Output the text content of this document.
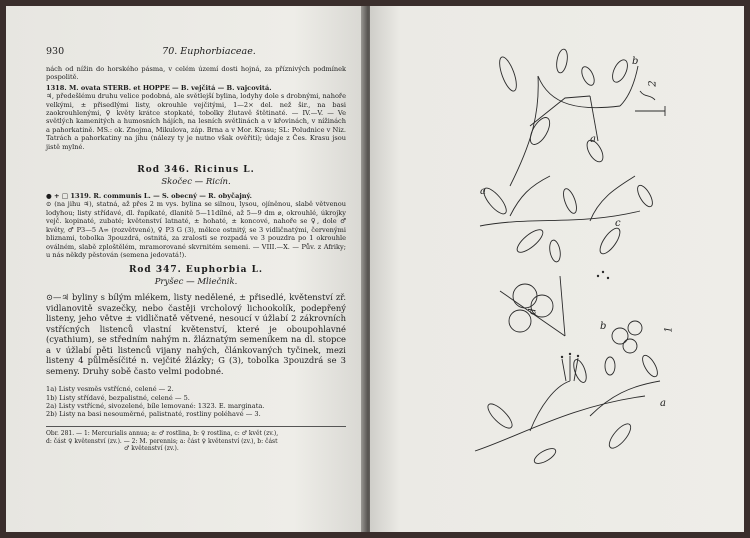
930	70. Euphorbiaceae.

nách od nížin do horského pásma, v celém území dosti hojná, za příznivých podmínek pospolitě.

1318. M. ovata STERB. et HOPPE — B. vejčitá — B. vajcovitá.

♃, předešlému druhu velice podobná, ale světlejší bylina, lodyhy dole s drobnými, nahoře velkými, ± přisedlými listy, okrouhle vejčitými, 1—2× del. než šir., na basi zaokrouhlenými, ♀ květy krátce stopkaté, tobolky žlutavě štětinaté. — IV.—V. — Ve světlých kamenitých a humosních hájích, na lesních světlinách a v křovinách, v nížinách a pahorkatině. MS.: ok. Znojma, Mikulova, záp. Brna a v Mor. Krasu; SL: Poludnice v Niz. Tatrách a pahorkatiny na jihu (nálezy ty je nutno však ověřiti); údaje z Čes. Krasu jsou jistě mylné.

Rod 346. Ricinus L.
Skočec — Ricín.

● + □ 1319. R. communis L. — S. obecný — R. obyčajný.

⊙ (na jihu ♃), statná, až přes 2 m vys. bylina se silnou, lysou, ojíněnou, slabě větvenou lodyhou; listy střídavé, dl. řapíkaté, dlanitě 5—11dílné, až 5—9 dm ⌀, okrouhlé, úkrojky vejč. kopinaté, zubaté; květenství latnaté, ± hohaté, ± koncové, nahoře se ♀, dole ♂ květy, ♂ P3—5 A∞ (rozvětvené), ♀ P3 G (3), měkce ostnitý, se 3 vidličnatými, červenými bliznami, tobolka 3pouzdrá, ostnitá, za zralosti se rozpadá ve 3 pouzdra po 1 okrouhle oválném, slabě zploštělém, mramorované skvrnitém semeni. — VIII.—X. — Pův. z Afriky; u nás někdy pěstován (semena jedovatá!).

Rod 347. Euphorbia L.
Pryšec — Mliečnik.

⊙—♃ byliny s bílým mlékem, listy nedělené, ± přisedlé, květenství zř. vidlanovitě svazečky, nebo častěji vrcholový lichookolík, podepřený listeny, jeho větve ± vidličnatě větvené, nesoucí v úžlabí 2 zákrovních vstřícných listenců vlastní květenství, které je oboupohlavné (cyathium), se středním nahým n. žláznatým semeníkem na dl. stopce a v úžlabí pěti listenců vijany nahých, článkovaných tyčinek, mezi listeny 4 půlměsíčité n. vejčité žlázky; G (3), tobolka 3pouzdrá se 3 semeny. Druhy sobě často velmi podobné.

1a) Listy vesměs vstřícné, celené — 2.
1b) Listy střídavé, bezpalistné, celené — 5.
2a) Listy vstřícné, sivozelené, bíle lemované: 1323. E. marginata.
2b) Listy na basi nesouměrné, palistnaté, rostliny poléhavé — 3.
Obr. 281. — 1: Mercurialis annua; a: ♂ rostlina, b: ♀ rostlina, c: ♂ květ (zv.),
d: část ♀ květenství (zv.). — 2: M. perennis; a: část ♀ květenství (zv.), b: část
♂ květenství (zv.).
b
2
a
a
c
d
1
b
a
